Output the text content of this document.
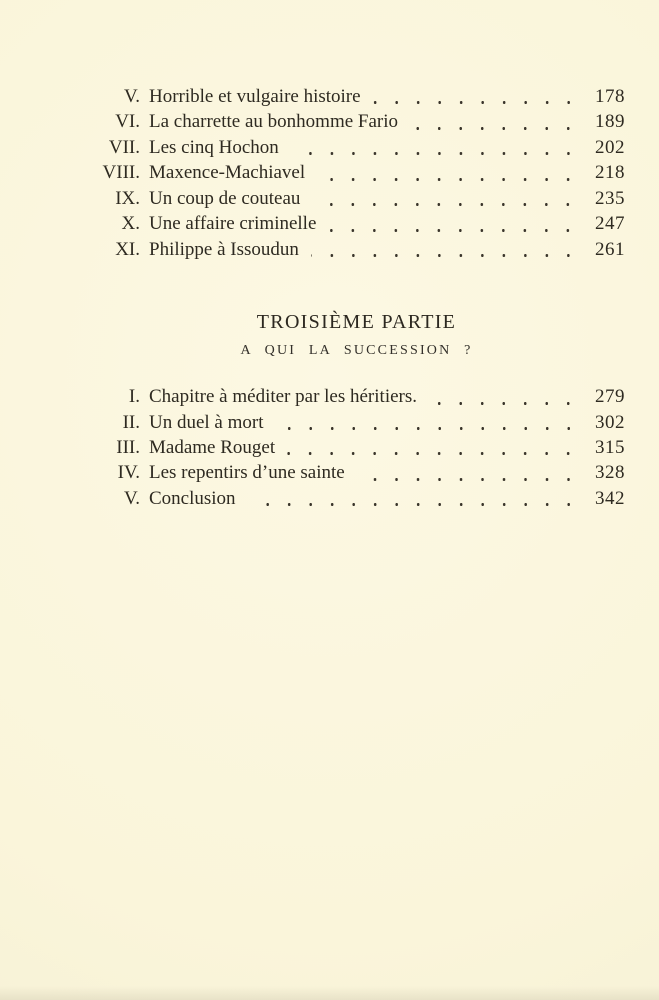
V. Horrible et vulgaire histoire	178
VI. La charrette au bonhomme Fario	189
VII. Les cinq Hochon	202
VIII. Maxence-Machiavel	218
IX. Un coup de couteau	235
X. Une affaire criminelle	247
XI. Philippe à Issoudun	261
TROISIÈME PARTIE
A QUI LA SUCCESSION ?
I. Chapitre à méditer par les héritiers.	279
II. Un duel à mort	302
III. Madame Rouget	315
IV. Les repentirs d’une sainte	328
V. Conclusion	342
